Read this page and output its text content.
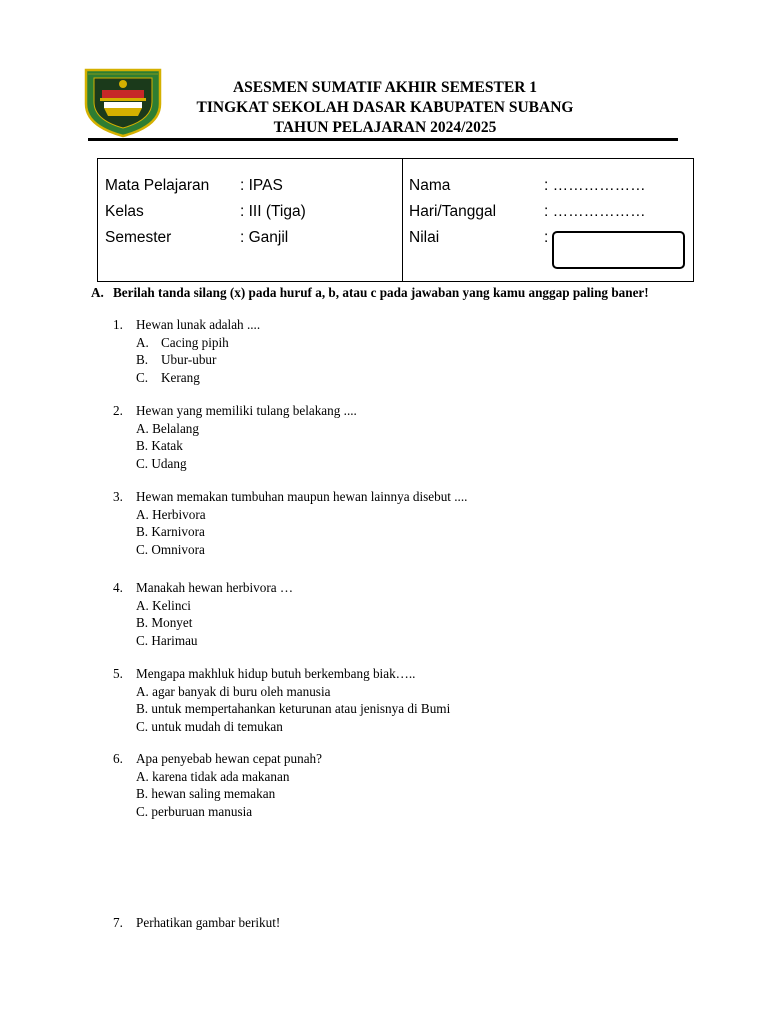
ASESMEN SUMATIF AKHIR SEMESTER 1
TINGKAT SEKOLAH DASAR KABUPATEN SUBANG
TAHUN PELAJARAN 2024/2025
Mata Pelajaran : IPAS
Kelas	: III (Tiga)
Semester	: Ganjil
Nama	: ………………
Hari/Tanggal	: ………………
Nilai	:
A. Berilah tanda silang (x) pada huruf a, b, atau c pada jawaban yang kamu anggap paling baner!
1. Hewan lunak adalah ....
A. Cacing pipih
B. Ubur-ubur
C. Kerang
2. Hewan yang memiliki tulang belakang ....
A. Belalang
B. Katak
C. Udang
3. Hewan memakan tumbuhan maupun hewan lainnya disebut ....
A. Herbivora
B. Karnivora
C. Omnivora
4. Manakah hewan herbivora …
A. Kelinci
B. Monyet
C. Harimau
5. Mengapa makhluk hidup butuh berkembang biak…..
A. agar banyak di buru oleh manusia
B. untuk mempertahankan keturunan atau jenisnya di Bumi
C. untuk mudah di temukan
6. Apa penyebab hewan cepat punah?
A. karena tidak ada makanan
B. hewan saling memakan
C. perburuan manusia
7. Perhatikan gambar berikut!
